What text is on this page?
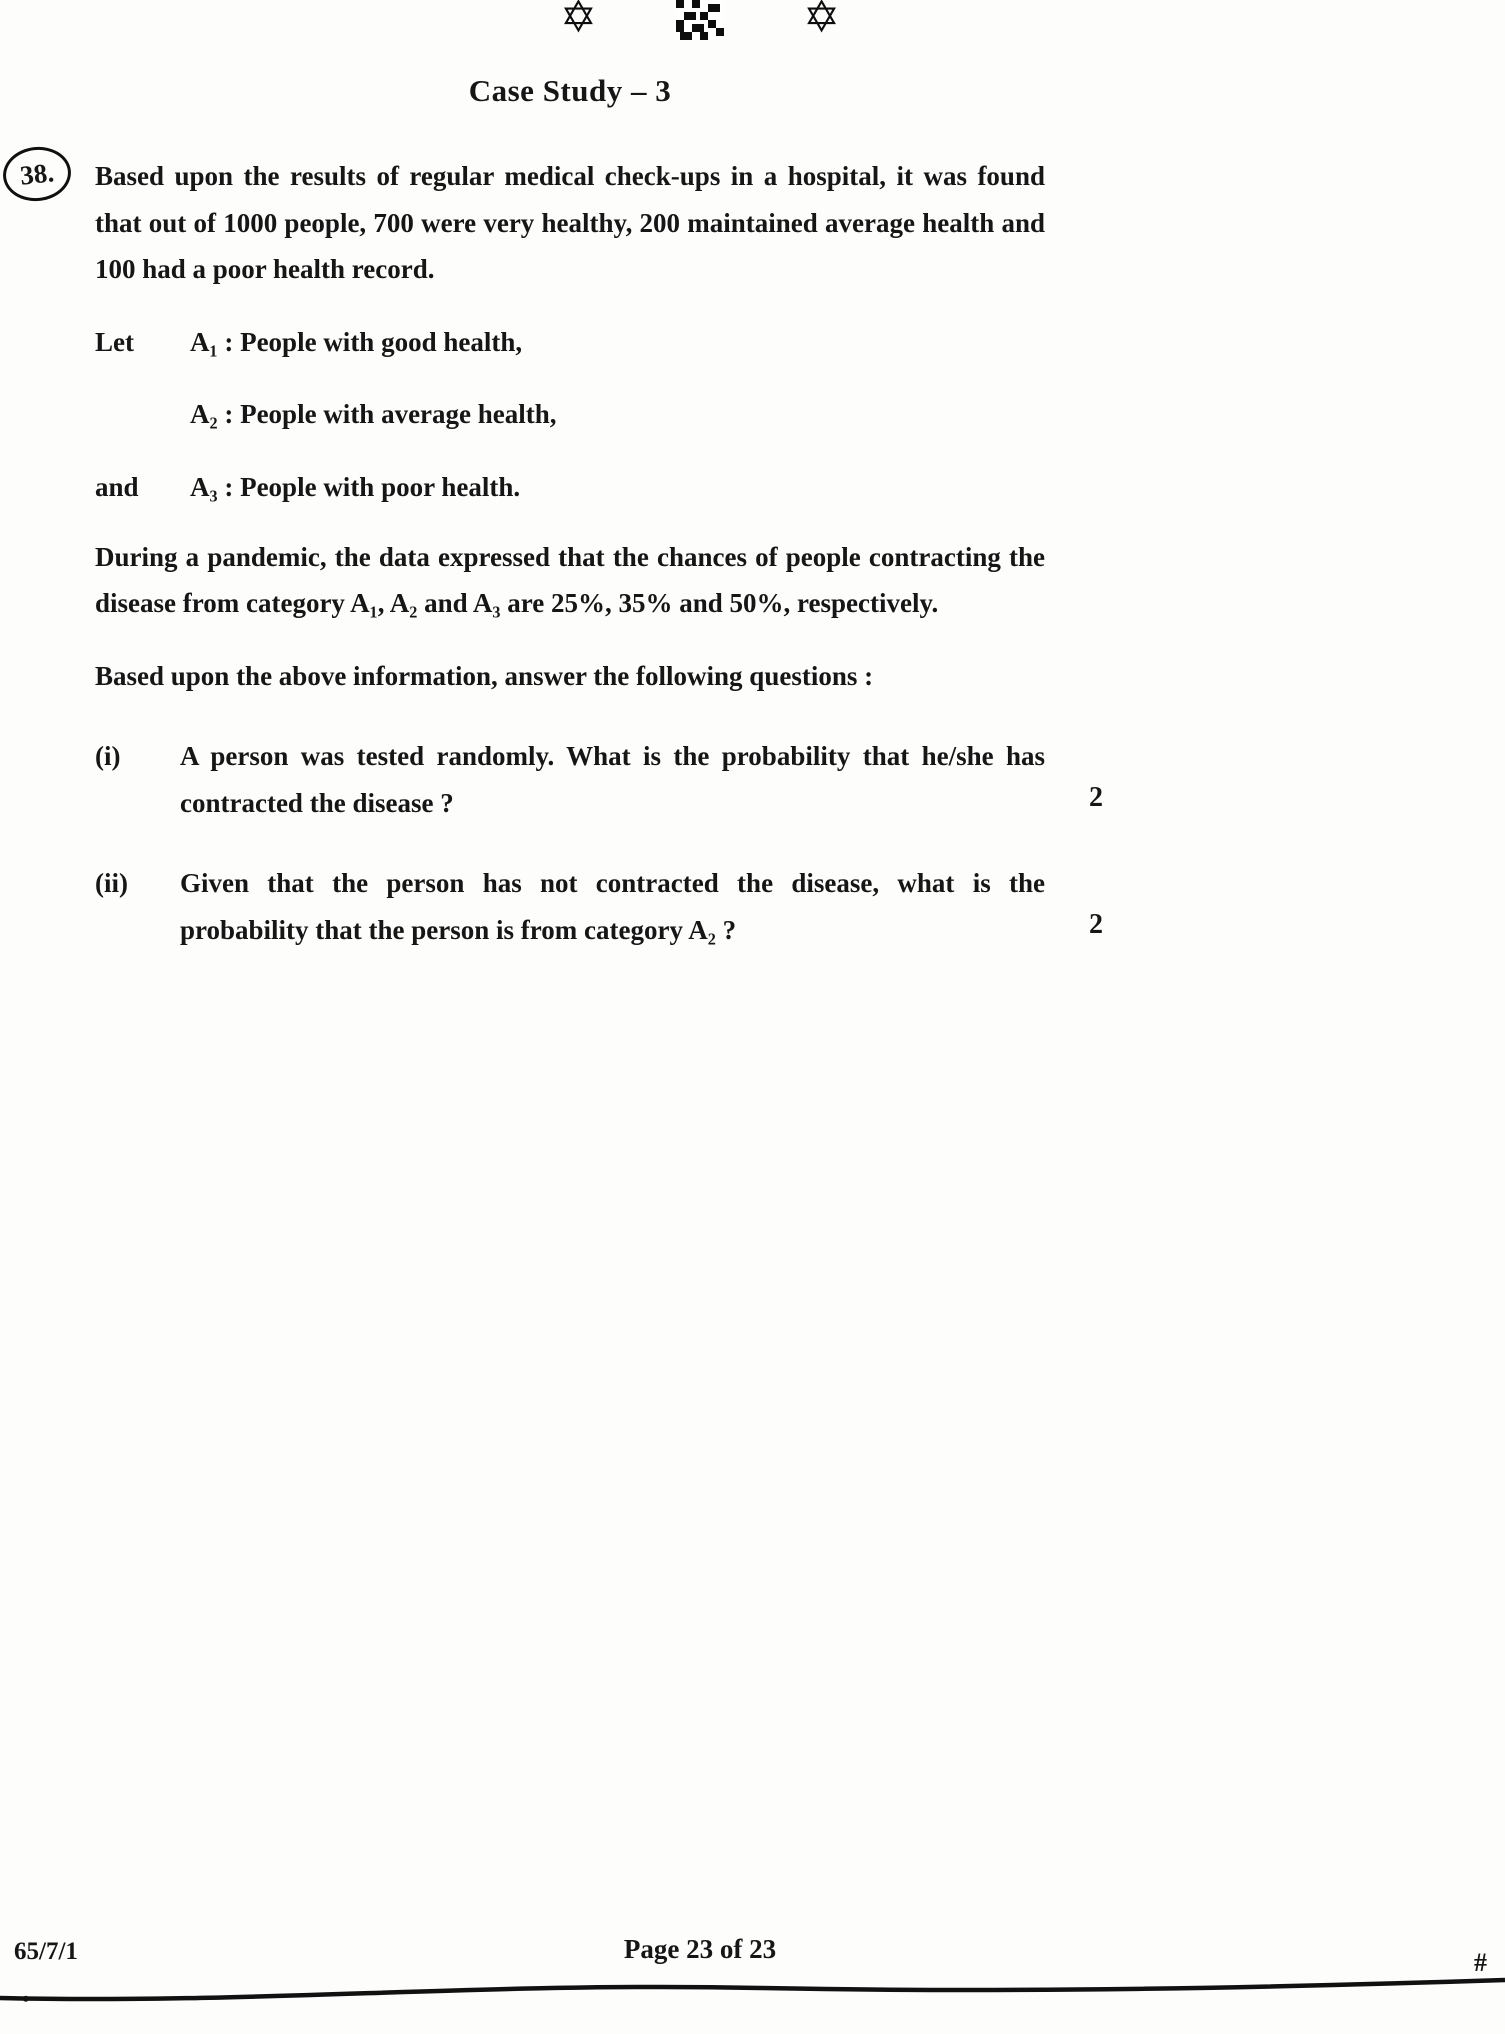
✡	✡
Case Study – 3
38.	Based upon the results of regular medical check-ups in a hospital, it was found that out of 1000 people, 700 were very healthy, 200 maintained average health and 100 had a poor health record.

Let	A₁ : People with good health,
A₂ : People with average health,
and	A₃ : People with poor health.

During a pandemic, the data expressed that the chances of people contracting the disease from category A₁, A₂ and A₃ are 25%, 35% and 50%, respectively.

Based upon the above information, answer the following questions :

(i)	A person was tested randomly. What is the probability that he/she has contracted the disease ?	2
(ii)	Given that the person has not contracted the disease, what is the probability that the person is from category A₂ ?	2
65/7/1
•
Page 23 of 23	#
